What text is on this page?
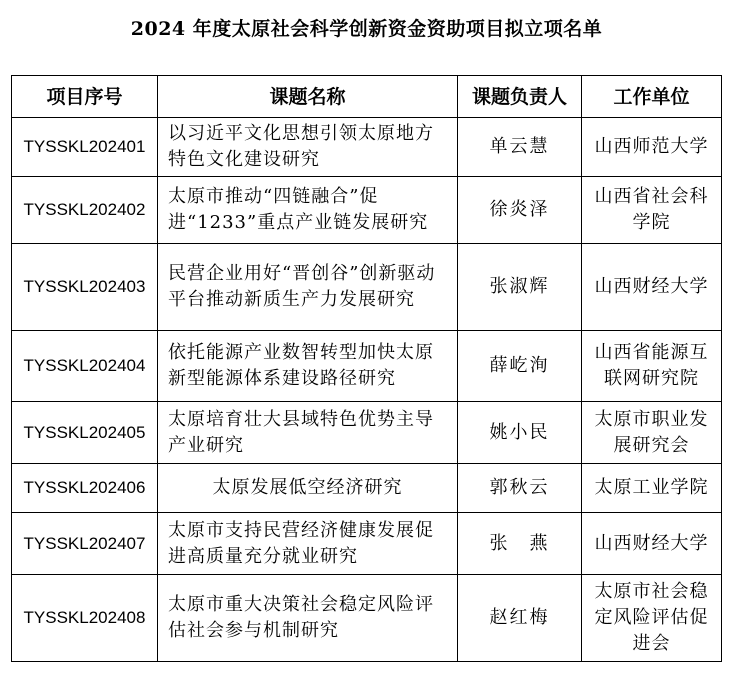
2024 年度太原社会科学创新资金资助项目拟立项名单
项目序号	课题名称	课题负责人	工作单位
TYSSKL202401	以习近平文化思想引领太原地方特色文化建设研究	单云慧	山西师范大学
TYSSKL202402	太原市推动“四链融合”促进“1233”重点产业链发展研究	徐炎泽	山西省社会科学院
TYSSKL202403	民营企业用好“晋创谷”创新驱动平台推动新质生产力发展研究	张淑辉	山西财经大学
TYSSKL202404	依托能源产业数智转型加快太原新型能源体系建设路径研究	薛屹洵	山西省能源互联网研究院
TYSSKL202405	太原培育壮大县域特色优势主导产业研究	姚小民	太原市职业发展研究会
TYSSKL202406	太原发展低空经济研究	郭秋云	太原工业学院
TYSSKL202407	太原市支持民营经济健康发展促进高质量充分就业研究	张　燕	山西财经大学
TYSSKL202408	太原市重大决策社会稳定风险评估社会参与机制研究	赵红梅	太原市社会稳定风险评估促进会
